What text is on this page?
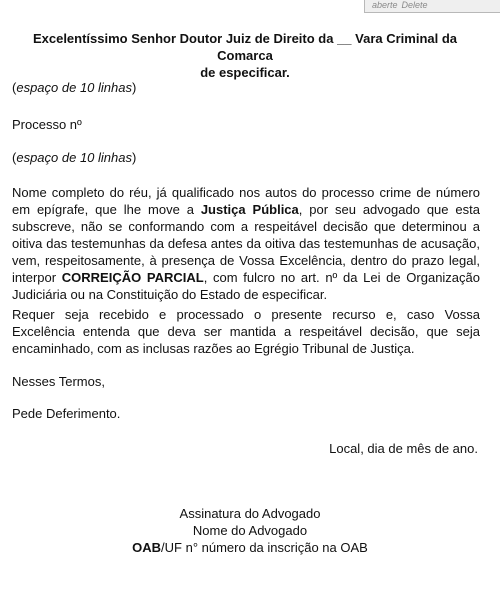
aberte Delete
Excelentíssimo Senhor Doutor Juiz de Direito da __ Vara Criminal da Comarca
de especificar.
(espaço de 10 linhas)
Processo nº
(espaço de 10 linhas)
Nome completo do réu, já qualificado nos autos do processo crime de número em epígrafe, que lhe move a Justiça Pública, por seu advogado que esta subscreve, não se conformando com a respeitável decisão que determinou a oitiva das testemunhas da defesa antes da oitiva das testemunhas de acusação, vem, respeitosamente, à presença de Vossa Excelência, dentro do prazo legal, interpor CORREIÇÃO PARCIAL, com fulcro no art. nº da Lei de Organização Judiciária ou na Constituição do Estado de especificar.
Requer seja recebido e processado o presente recurso e, caso Vossa Excelência entenda que deva ser mantida a respeitável decisão, que seja encaminhado, com as inclusas razões ao Egrégio Tribunal de Justiça.
Nesses Termos,
Pede Deferimento.
Local, dia de mês de ano.
Assinatura do Advogado
Nome do Advogado
OAB/UF n° número da inscrição na OAB
